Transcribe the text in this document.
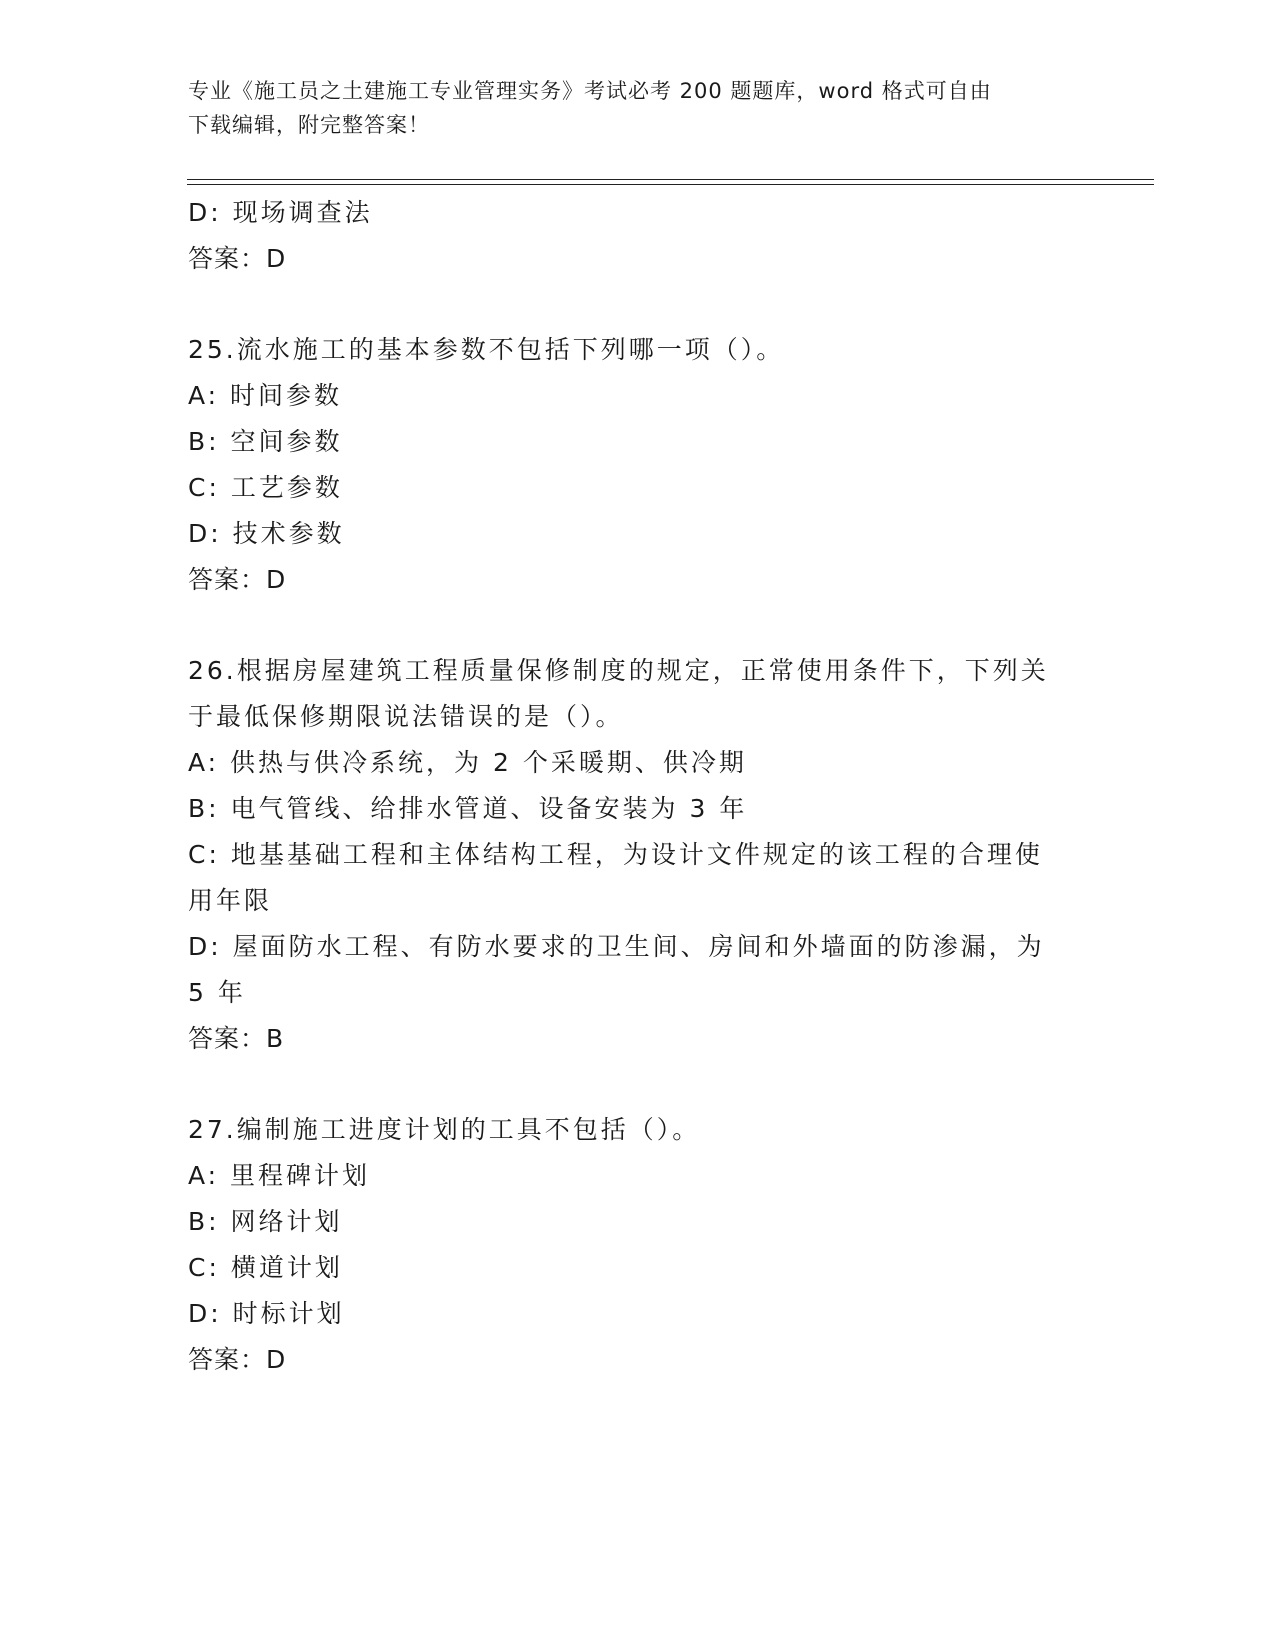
专业《施工员之土建施工专业管理实务》考试必考 200 题题库，word 格式可自由
下载编辑，附完整答案！
D: 现场调查法
答案：D
25.流水施工的基本参数不包括下列哪一项（）。
A: 时间参数
B: 空间参数
C: 工艺参数
D: 技术参数
答案：D
26.根据房屋建筑工程质量保修制度的规定，正常使用条件下，下列关
于最低保修期限说法错误的是（）。
A: 供热与供冷系统，为 2 个采暖期、供冷期
B: 电气管线、给排水管道、设备安装为 3 年
C: 地基基础工程和主体结构工程，为设计文件规定的该工程的合理使
用年限
D: 屋面防水工程、有防水要求的卫生间、房间和外墙面的防渗漏，为
5 年
答案：B
27.编制施工进度计划的工具不包括（）。
A: 里程碑计划
B: 网络计划
C: 横道计划
D: 时标计划
答案：D
